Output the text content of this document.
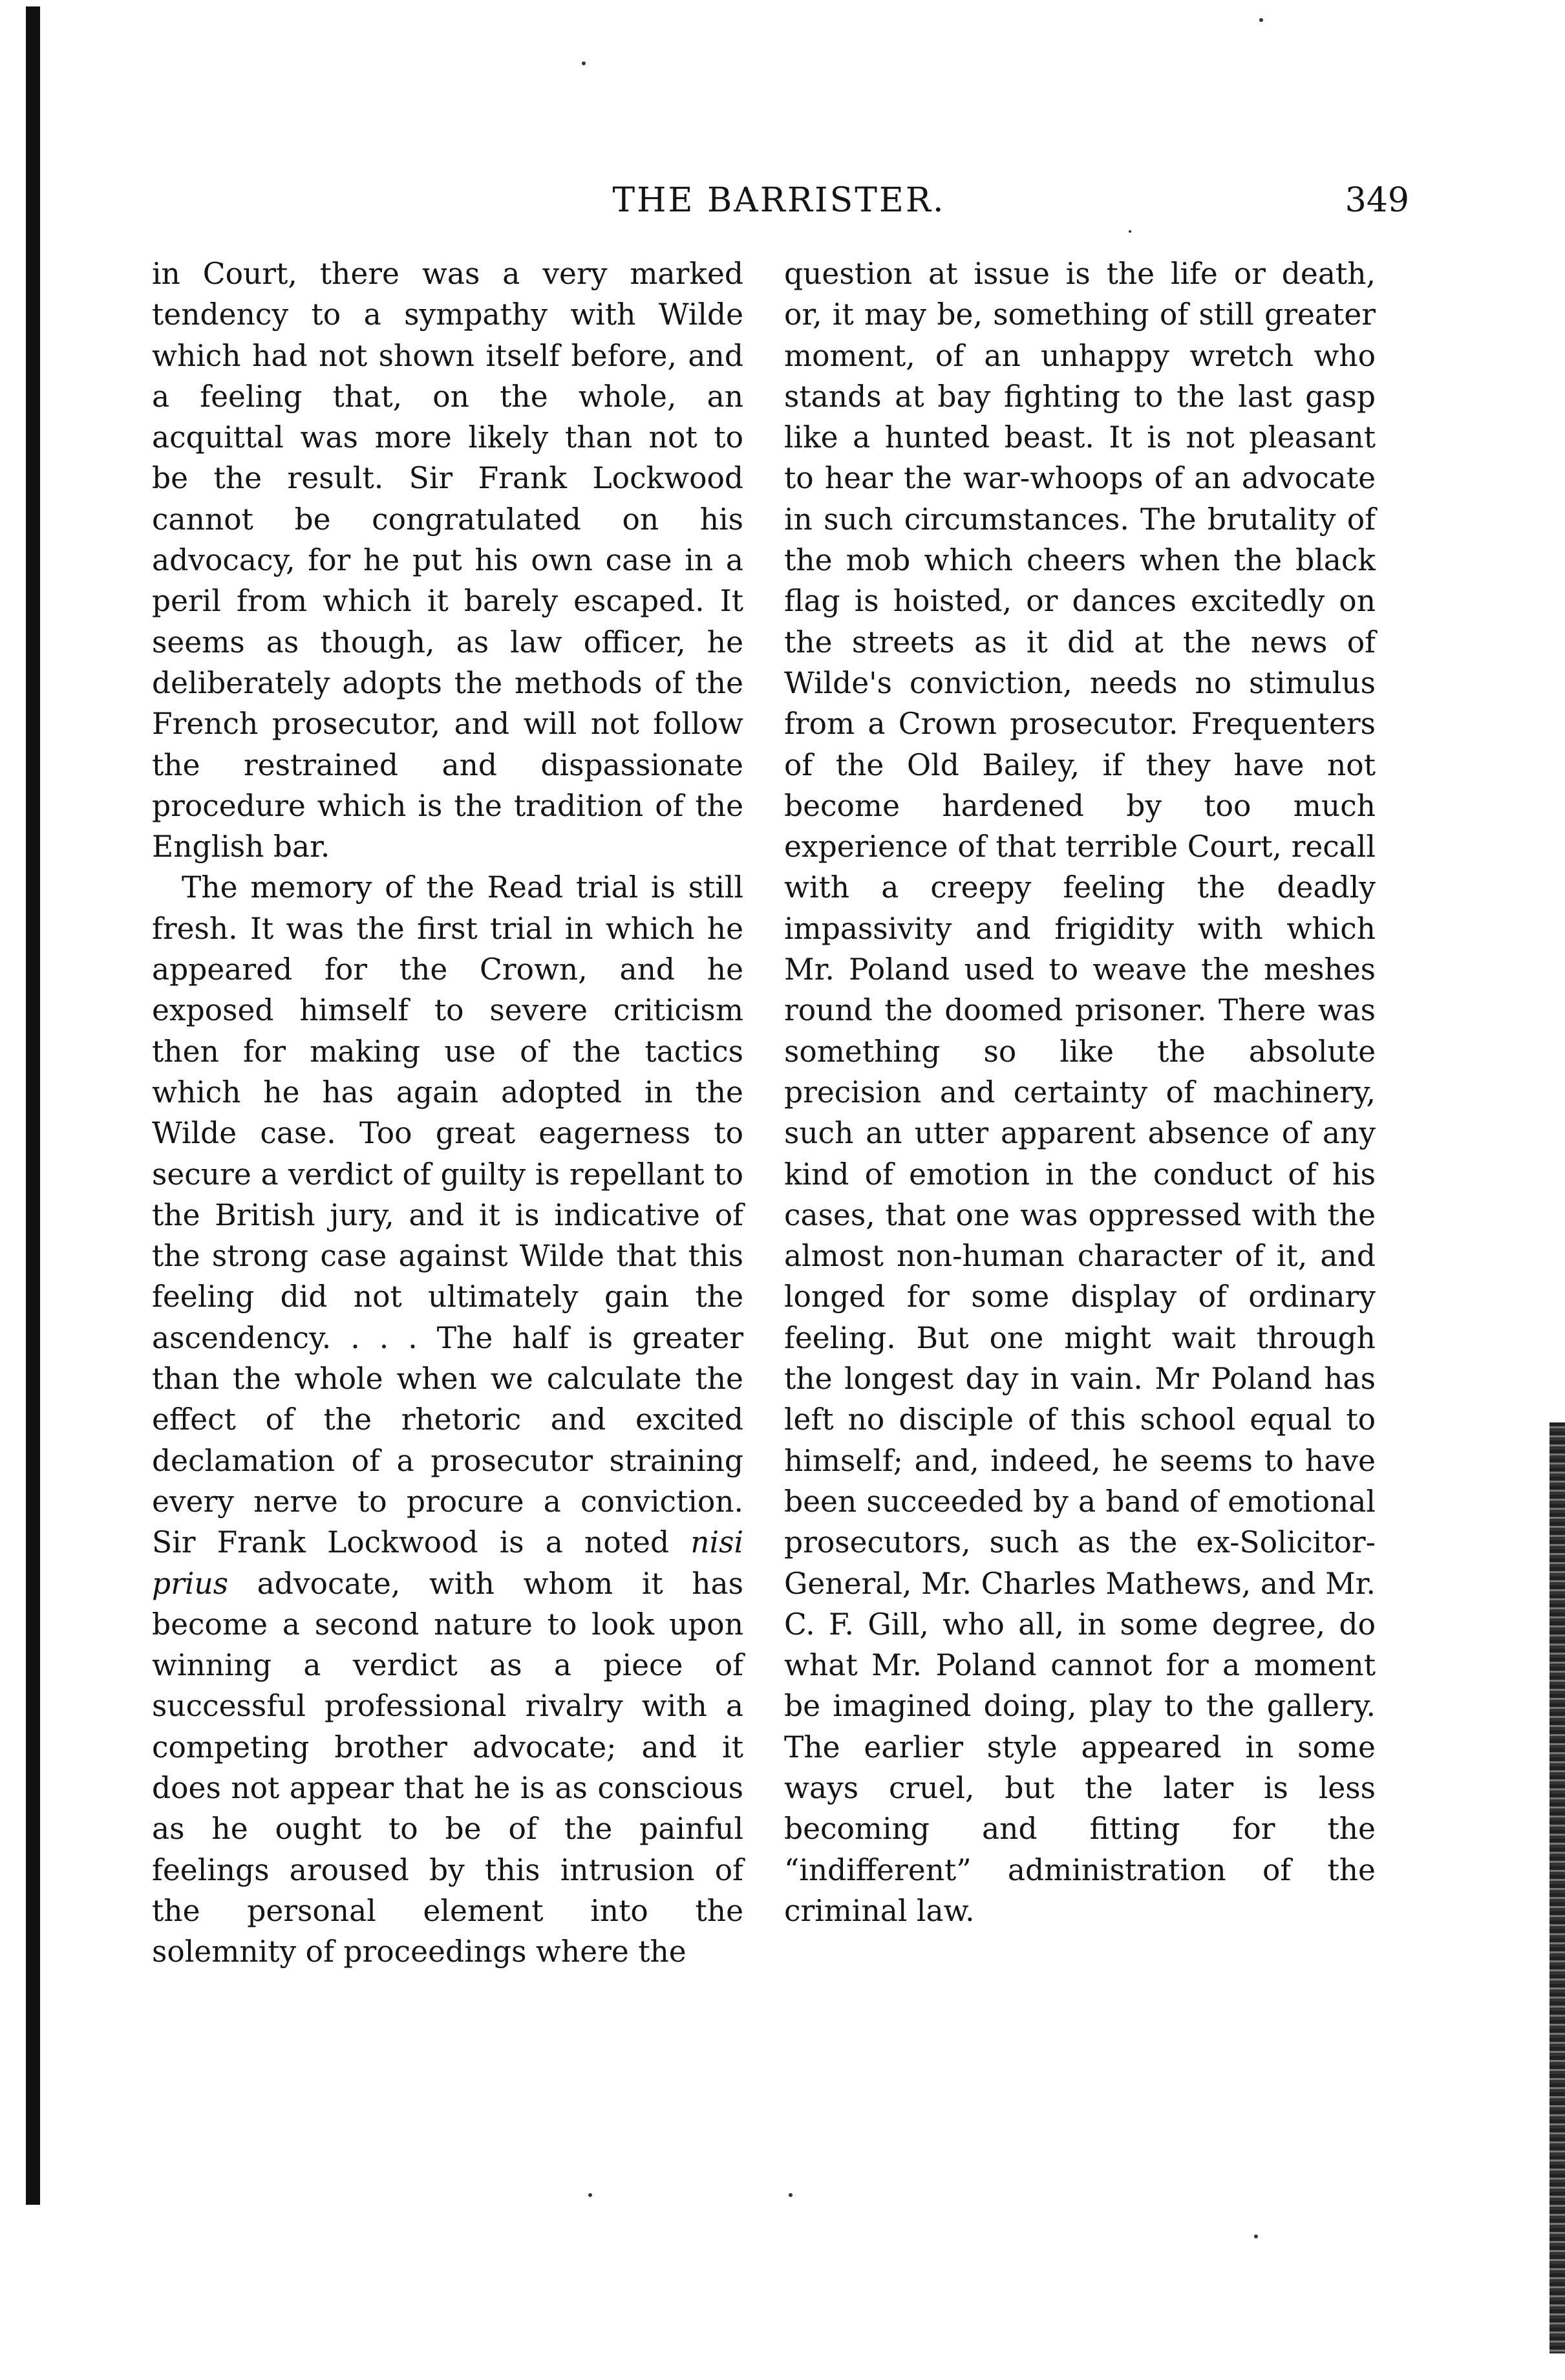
THE BARRISTER.	349

in Court, there was a very marked tendency to a sympathy with Wilde which had not shown itself before, and a feeling that, on the whole, an acquittal was more likely than not to be the result. Sir Frank Lockwood cannot be congratulated on his advocacy, for he put his own case in a peril from which it barely escaped. It seems as though, as law officer, he deliberately adopts the methods of the French prosecutor, and will not follow the restrained and dispassionate procedure which is the tradition of the English bar.

The memory of the Read trial is still fresh. It was the first trial in which he appeared for the Crown, and he exposed himself to severe criticism then for making use of the tactics which he has again adopted in the Wilde case. Too great eagerness to secure a verdict of guilty is repellant to the British jury, and it is indicative of the strong case against Wilde that this feeling did not ultimately gain the ascendency. . . . The half is greater than the whole when we calculate the effect of the rhetoric and excited declamation of a prosecutor straining every nerve to procure a conviction. Sir Frank Lockwood is a noted nisi prius advocate, with whom it has become a second nature to look upon winning a verdict as a piece of successful professional rivalry with a competing brother advocate; and it does not appear that he is as conscious as he ought to be of the painful feelings aroused by this intrusion of the personal element into the solemnity of proceedings where the

question at issue is the life or death, or, it may be, something of still greater moment, of an unhappy wretch who stands at bay fighting to the last gasp like a hunted beast. It is not pleasant to hear the war-whoops of an advocate in such circumstances. The brutality of the mob which cheers when the black flag is hoisted, or dances excitedly on the streets as it did at the news of Wilde's conviction, needs no stimulus from a Crown prosecutor. Frequenters of the Old Bailey, if they have not become hardened by too much experience of that terrible Court, recall with a creepy feeling the deadly impassivity and frigidity with which Mr. Poland used to weave the meshes round the doomed prisoner. There was something so like the absolute precision and certainty of machinery, such an utter apparent absence of any kind of emotion in the conduct of his cases, that one was oppressed with the almost non-human character of it, and longed for some display of ordinary feeling. But one might wait through the longest day in vain. Mr Poland has left no disciple of this school equal to himself; and, indeed, he seems to have been succeeded by a band of emotional prosecutors, such as the ex-Solicitor-General, Mr. Charles Mathews, and Mr. C. F. Gill, who all, in some degree, do what Mr. Poland cannot for a moment be imagined doing, play to the gallery. The earlier style appeared in some ways cruel, but the later is less becoming and fitting for the “indifferent” administration of the criminal law.
